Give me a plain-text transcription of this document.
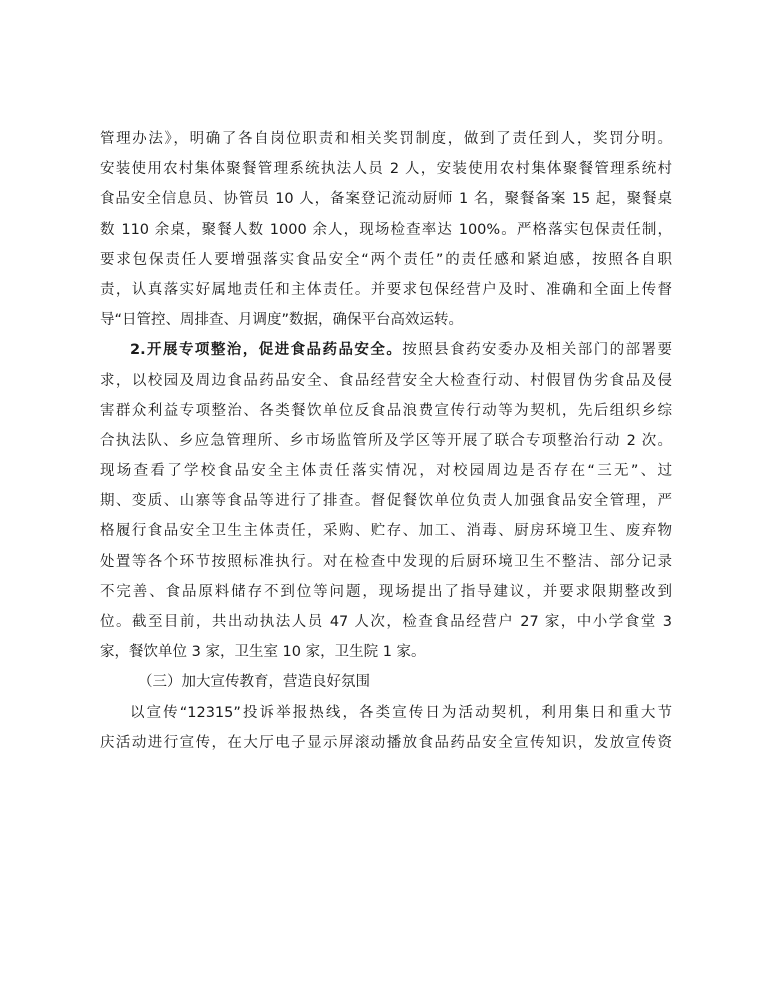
管理办法》，明确了各自岗位职责和相关奖罚制度，做到了责任到人，奖罚分明。
安装使用农村集体聚餐管理系统执法人员 2 人，安装使用农村集体聚餐管理系统村
食品安全信息员、协管员 10 人，备案登记流动厨师 1 名，聚餐备案 15 起，聚餐桌
数 110 余桌，聚餐人数 1000 余人，现场检查率达 100%。严格落实包保责任制，
要求包保责任人要增强落实食品安全“两个责任”的责任感和紧迫感，按照各自职
责，认真落实好属地责任和主体责任。并要求包保经营户及时、准确和全面上传督
导“日管控、周排查、月调度”数据，确保平台高效运转。
2.开展专项整治，促进食品药品安全。按照县食药安委办及相关部门的部署要
求，以校园及周边食品药品安全、食品经营安全大检查行动、村假冒伪劣食品及侵
害群众利益专项整治、各类餐饮单位反食品浪费宣传行动等为契机，先后组织乡综
合执法队、乡应急管理所、乡市场监管所及学区等开展了联合专项整治行动 2 次。
现场查看了学校食品安全主体责任落实情况，对校园周边是否存在“三无”、过
期、变质、山寨等食品等进行了排查。督促餐饮单位负责人加强食品安全管理，严
格履行食品安全卫生主体责任，采购、贮存、加工、消毒、厨房环境卫生、废弃物
处置等各个环节按照标准执行。对在检查中发现的后厨环境卫生不整洁、部分记录
不完善、食品原料储存不到位等问题，现场提出了指导建议，并要求限期整改到
位。截至目前，共出动执法人员 47 人次，检查食品经营户 27 家，中小学食堂 3
家，餐饮单位 3 家，卫生室 10 家，卫生院 1 家。
（三）加大宣传教育，营造良好氛围
以宣传“12315”投诉举报热线，各类宣传日为活动契机，利用集日和重大节
庆活动进行宣传，在大厅电子显示屏滚动播放食品药品安全宣传知识，发放宣传资
